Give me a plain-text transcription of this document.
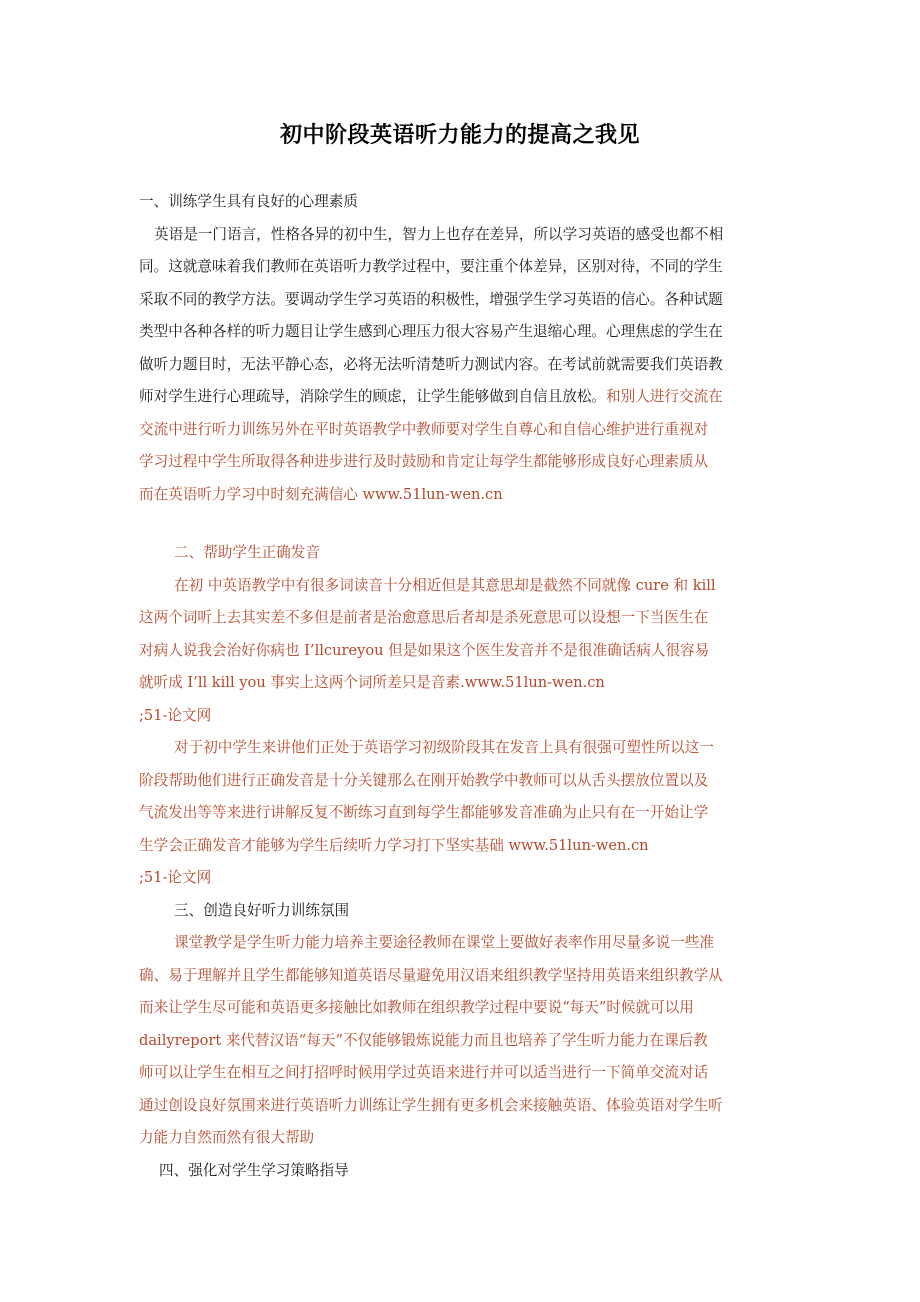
初中阶段英语听力能力的提高之我见
一、训练学生具有良好的心理素质
英语是一门语言，性格各异的初中生，智力上也存在差异，所以学习英语的感受也都不相
同。这就意味着我们教师在英语听力教学过程中，要注重个体差异，区别对待，不同的学生
采取不同的教学方法。要调动学生学习英语的积极性，增强学生学习英语的信心。各种试题
类型中各种各样的听力题目让学生感到心理压力很大容易产生退缩心理。心理焦虑的学生在
做听力题目时，无法平静心态，必将无法听清楚听力测试内容。在考试前就需要我们英语教
师对学生进行心理疏导，消除学生的顾虑，让学生能够做到自信且放松。和别人进行交流在
交流中进行听力训练另外在平时英语教学中教师要对学生自尊心和自信心维护进行重视对
学习过程中学生所取得各种进步进行及时鼓励和肯定让每学生都能够形成良好心理素质从
而在英语听力学习中时刻充满信心 www.51lun-wen.cn
二、帮助学生正确发音
在初 中英语教学中有很多词读音十分相近但是其意思却是截然不同就像 cure 和 kill
这两个词听上去其实差不多但是前者是治愈意思后者却是杀死意思可以设想一下当医生在
对病人说我会治好你病也 I’llcureyou 但是如果这个医生发音并不是很准确话病人很容易
就听成 I’ll kill you 事实上这两个词所差只是音素.www.51lun-wen.cn
;51-论文网
对于初中学生来讲他们正处于英语学习初级阶段其在发音上具有很强可塑性所以这一
阶段帮助他们进行正确发音是十分关键那么在刚开始教学中教师可以从舌头摆放位置以及
气流发出等等来进行讲解反复不断练习直到每学生都能够发音准确为止只有在一开始让学
生学会正确发音才能够为学生后续听力学习打下坚实基础 www.51lun-wen.cn
;51-论文网
三、创造良好听力训练氛围
课堂教学是学生听力能力培养主要途径教师在课堂上要做好表率作用尽量多说一些准
确、易于理解并且学生都能够知道英语尽量避免用汉语来组织教学坚持用英语来组织教学从
而来让学生尽可能和英语更多接触比如教师在组织教学过程中要说“每天”时候就可以用
dailyreport 来代替汉语“每天”不仅能够锻炼说能力而且也培养了学生听力能力在课后教
师可以让学生在相互之间打招呼时候用学过英语来进行并可以适当进行一下简单交流对话
通过创设良好氛围来进行英语听力训练让学生拥有更多机会来接触英语、体验英语对学生听
力能力自然而然有很大帮助
四、强化对学生学习策略指导
